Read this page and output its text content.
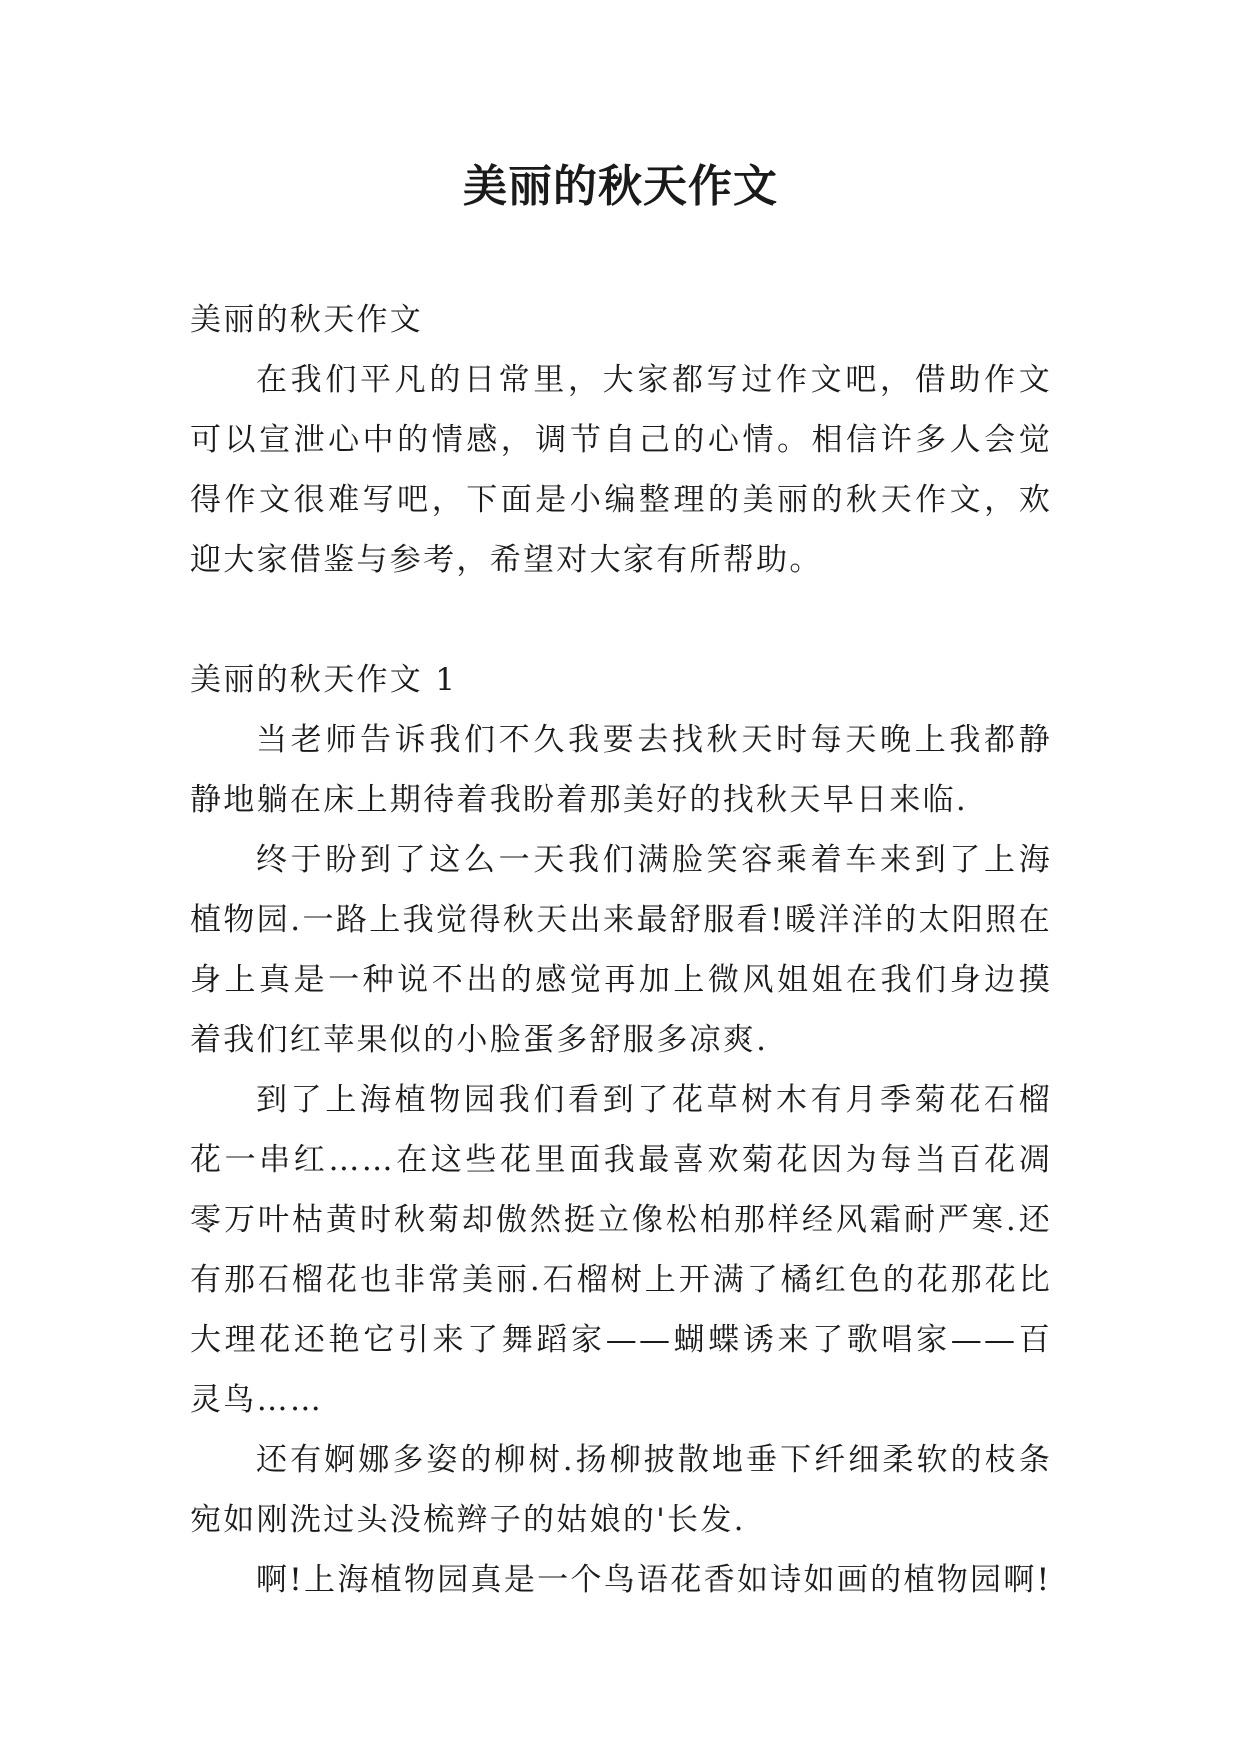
美丽的秋天作文

美丽的秋天作文

在我们平凡的日常里，大家都写过作文吧，借助作文可以宣泄心中的情感，调节自己的心情。相信许多人会觉得作文很难写吧，下面是小编整理的美丽的秋天作文，欢迎大家借鉴与参考，希望对大家有所帮助。

美丽的秋天作文 1

当老师告诉我们不久我要去找秋天时每天晚上我都静静地躺在床上期待着我盼着那美好的找秋天早日来临.

终于盼到了这么一天我们满脸笑容乘着车来到了上海植物园.一路上我觉得秋天出来最舒服看!暖洋洋的太阳照在身上真是一种说不出的感觉再加上微风姐姐在我们身边摸着我们红苹果似的小脸蛋多舒服多凉爽.

到了上海植物园我们看到了花草树木有月季菊花石榴花一串红……在这些花里面我最喜欢菊花因为每当百花凋零万叶枯黄时秋菊却傲然挺立像松柏那样经风霜耐严寒.还有那石榴花也非常美丽.石榴树上开满了橘红色的花那花比大理花还艳它引来了舞蹈家——蝴蝶诱来了歌唱家——百灵鸟……

还有婀娜多姿的柳树.扬柳披散地垂下纤细柔软的枝条宛如刚洗过头没梳辫子的姑娘的'长发.

啊!上海植物园真是一个鸟语花香如诗如画的植物园啊!
